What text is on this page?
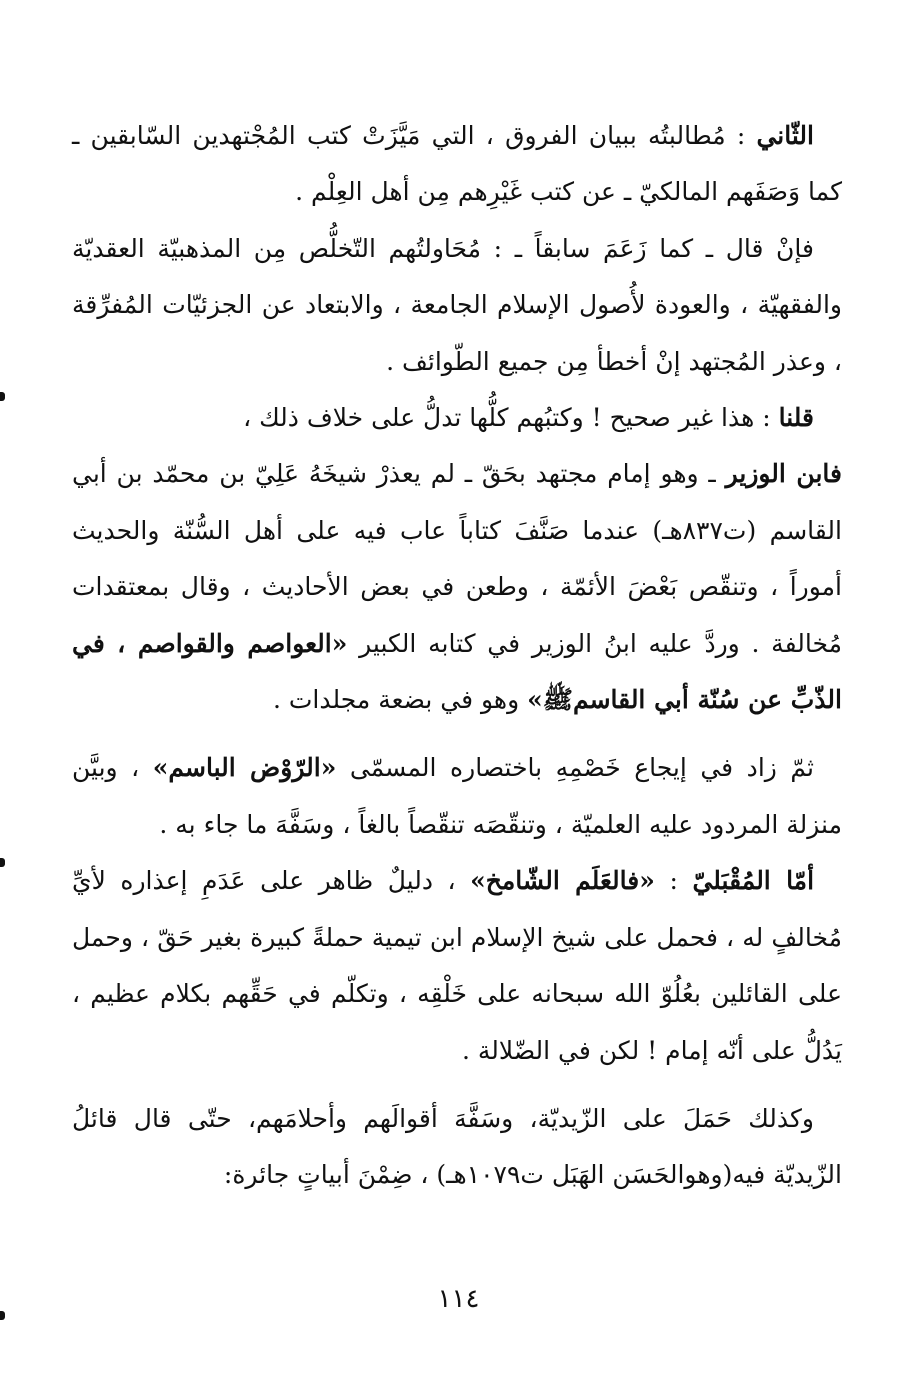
الثّاني : مُطالبتُه ببيان الفروق ، التي مَيَّزَتْ كتب المُجْتهدين السّابقين ـ كما وَصَفَهم المالكيّ ـ عن كتب غَيْرِهم مِن أهل العِلْم .

فإنْ قال ـ كما زَعَمَ سابقاً ـ : مُحَاولتُهم التّخلُّص مِن المذهبيّة العقديّة والفقهيّة ، والعودة لأُصول الإسلام الجامعة ، والابتعاد عن الجزئيّات المُفرِّقة ، وعذر المُجتهد إنْ أخطأ مِن جميع الطّوائف .

قلنا : هذا غير صحيح ! وكتبُهم كلُّها تدلُّ على خلاف ذلك ،

فابن الوزير ـ وهو إمام مجتهد بحَقّ ـ لم يعذرْ شيخَهُ عَلِيّ بن محمّد بن أبي القاسم (ت٨٣٧هـ) عندما صَنَّفَ كتاباً عاب فيه على أهل السُّنّة والحديث أموراً ، وتنقّص بَعْضَ الأئمّة ، وطعن في بعض الأحاديث ، وقال بمعتقدات مُخالفة . وردَّ عليه ابنُ الوزير في كتابه الكبير «العواصم والقواصم ، في الذّبِّ عن سُنّة أبي القاسمﷺ» وهو في بضعة مجلدات .

ثمّ زاد في إيجاع خَصْمِهِ باختصاره المسمّى «الرّوْض الباسم» ، وبيَّن منزلة المردود عليه العلميّة ، وتنقّصَه تنقّصاً بالغاً ، وسَفَّهَ ما جاء به .

أمّا المُقْبَليّ : «فالعَلَم الشّامخ» ، دليلٌ ظاهر على عَدَمِ إعذاره لأيِّ مُخالفٍ له ، فحمل على شيخ الإسلام ابن تيمية حملةً كبيرة بغير حَقّ ، وحمل على القائلين بعُلُوّ الله سبحانه على خَلْقِه ، وتكلّم في حَقِّهم بكلام عظيم ، يَدُلُّ على أنّه إمام ! لكن في الضّلالة .

وكذلك حَمَلَ على الزّيديّة، وسَفَّهَ أقوالَهم وأحلامَهم، حتّى قال قائلُ الزّيديّة فيه(وهوالحَسَن الهَبَل ت١٠٧٩هـ) ، ضِمْنَ أبياتٍ جائرة:

١١٤
